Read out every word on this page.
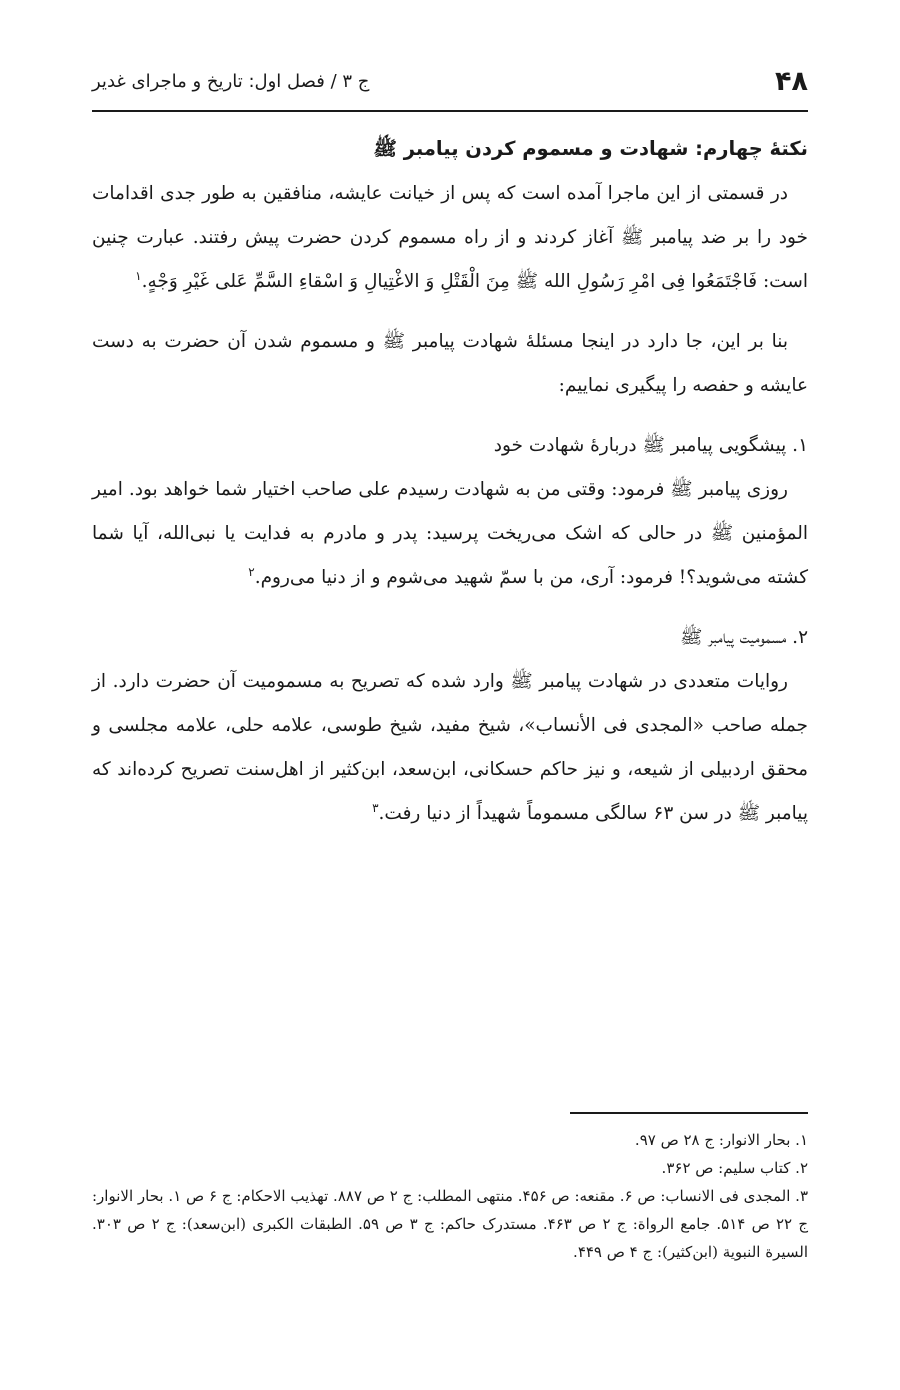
۴۸
ج ۳ / فصل اول: تاریخ و ماجرای غدیر
نکتهٔ چهارم: شهادت و مسموم کردن پیامبر ﷺ

در قسمتی از این ماجرا آمده است که پس از خیانت عایشه، منافقین به طور جدی اقدامات خود را بر ضد پیامبر ﷺ آغاز کردند و از راه مسموم کردن حضرت پیش رفتند. عبارت چنین است: فَاجْتَمَعُوا فِی امْرِ رَسُولِ الله ﷺ مِنَ الْقَتْلِ وَ الاغْتِیالِ وَ اسْقاءِ السَّمِّ عَلی غَیْرِ وَجْهٍ.$^۱$

بنا بر این، جا دارد در اینجا مسئلهٔ شهادت پیامبر ﷺ و مسموم شدن آن حضرت به دست عایشه و حفصه را پیگیری نماییم:

۱. پیشگویی پیامبر ﷺ دربارهٔ شهادت خود

روزی پیامبر ﷺ فرمود: وقتی من به شهادت رسیدم علی صاحب اختیار شما خواهد بود. امیر المؤمنین ﷺ در حالی که اشک می‌ریخت پرسید: پدر و مادرم به فدایت یا نبی‌الله، آیا شما کشته می‌شوید؟! فرمود: آری، من با سمّ شهید می‌شوم و از دنیا می‌روم.$^۲$

۲. مسمومیت پیامبر ﷺ

روایات متعددی در شهادت پیامبر ﷺ وارد شده که تصریح به مسمومیت آن حضرت دارد. از جمله صاحب «المجدی فی الأنساب»، شیخ مفید، شیخ طوسی، علامه حلی، علامه مجلسی و محقق اردبیلی از شیعه، و نیز حاکم حسکانی، ابن‌سعد، ابن‌کثیر از اهل‌سنت تصریح کرده‌اند که پیامبر ﷺ در سن ۶۳ سالگی مسموماً شهیداً از دنیا رفت.$^۳$

۱. بحار الانوار: ج ۲۸ ص ۹۷.

۲. کتاب سلیم: ص ۳۶۲.

۳. المجدی فی الانساب: ص ۶. مقنعه: ص ۴۵۶. منتهی المطلب: ج ۲ ص ۸۸۷. تهذیب الاحکام: ج ۶ ص ۱. بحار الانوار: ج ۲۲ ص ۵۱۴. جامع الرواة: ج ۲ ص ۴۶۳. مستدرک حاکم: ج ۳ ص ۵۹. الطبقات الکبری (ابن‌سعد): ج ۲ ص ۳۰۳. السیرة النبویة (ابن‌کثیر): ج ۴ ص ۴۴۹.
